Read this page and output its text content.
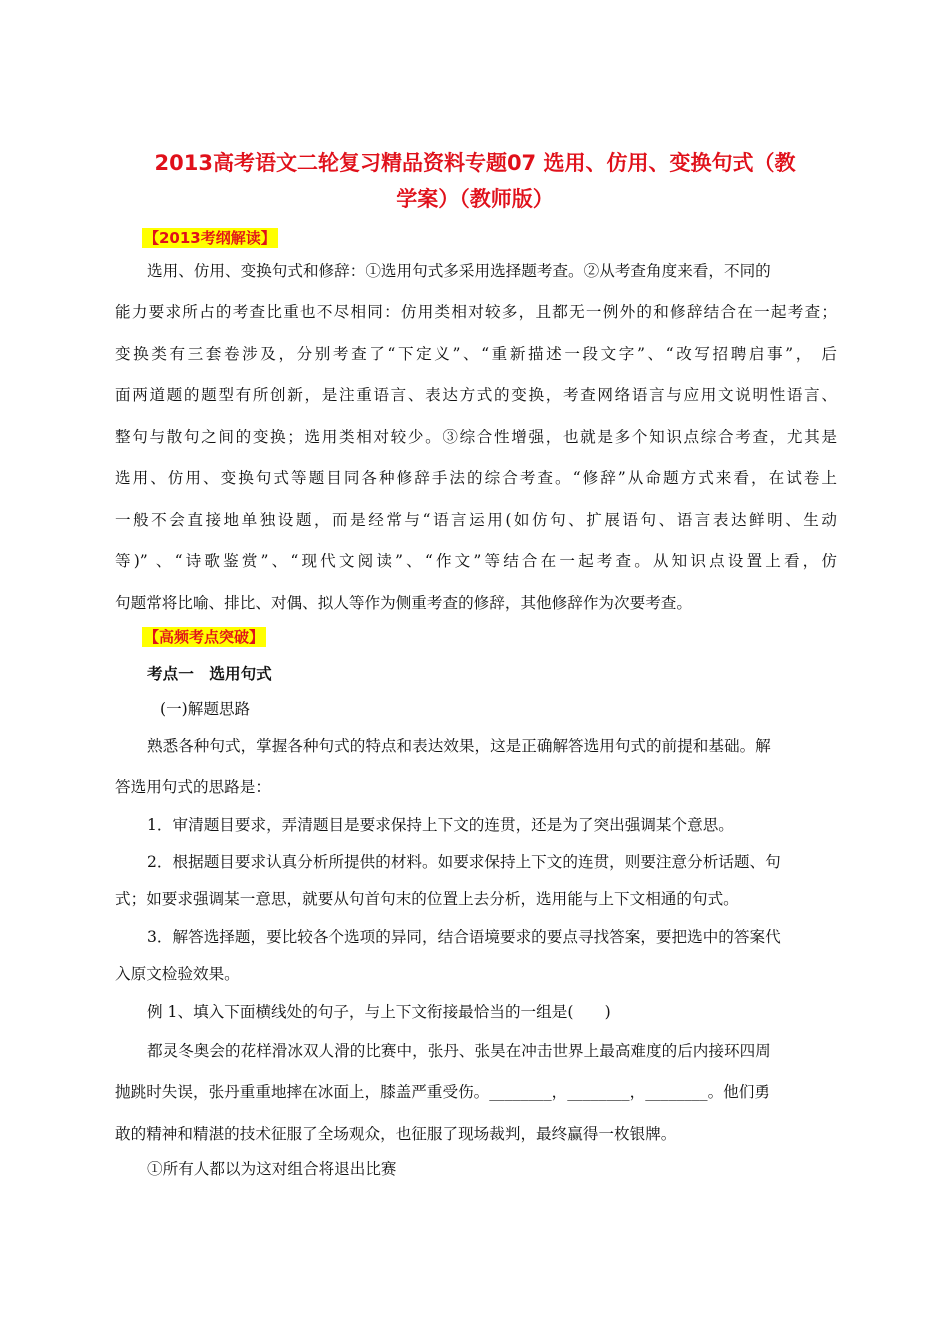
2013高考语文二轮复习精品资料专题07 选用、仿用、变换句式（教
学案）（教师版）
【2013考纲解读】
选用、仿用、变换句式和修辞：①选用句式多采用选择题考查。②从考查角度来看，不同的
能力要求所占的考查比重也不尽相同：仿用类相对较多，且都无一例外的和修辞结合在一起考查；
变换类有三套卷涉及，分别考查了“下定义”、“重新描述一段文字”、“改写招聘启事”， 后
面两道题的题型有所创新，是注重语言、表达方式的变换，考查网络语言与应用文说明性语言、
整句与散句之间的变换；选用类相对较少。③综合性增强，也就是多个知识点综合考查，尤其是
选用、仿用、变换句式等题目同各种修辞手法的综合考查。“修辞”从命题方式来看，在试卷上
一般不会直接地单独设题，而是经常与“语言运用(如仿句、扩展语句、语言表达鲜明、生动
等)” 、“诗歌鉴赏”、“现代文阅读”、“作文”等结合在一起考查。从知识点设置上看，仿
句题常将比喻、排比、对偶、拟人等作为侧重考查的修辞，其他修辞作为次要考查。
【高频考点突破】
考点一　选用句式
(一)解题思路
熟悉各种句式，掌握各种句式的特点和表达效果，这是正确解答选用句式的前提和基础。解
答选用句式的思路是：
1．审清题目要求，弄清题目是要求保持上下文的连贯，还是为了突出强调某个意思。
2．根据题目要求认真分析所提供的材料。如要求保持上下文的连贯，则要注意分析话题、句
式；如要求强调某一意思，就要从句首句末的位置上去分析，选用能与上下文相通的句式。
3．解答选择题，要比较各个选项的异同，结合语境要求的要点寻找答案，要把选中的答案代
入原文检验效果。
例 1、填入下面横线处的句子，与上下文衔接最恰当的一组是(　　)
都灵冬奥会的花样滑冰双人滑的比赛中，张丹、张昊在冲击世界上最高难度的后内接环四周
抛跳时失误，张丹重重地摔在冰面上，膝盖严重受伤。________，________，________。他们勇
敢的精神和精湛的技术征服了全场观众，也征服了现场裁判，最终赢得一枚银牌。
①所有人都以为这对组合将退出比赛
